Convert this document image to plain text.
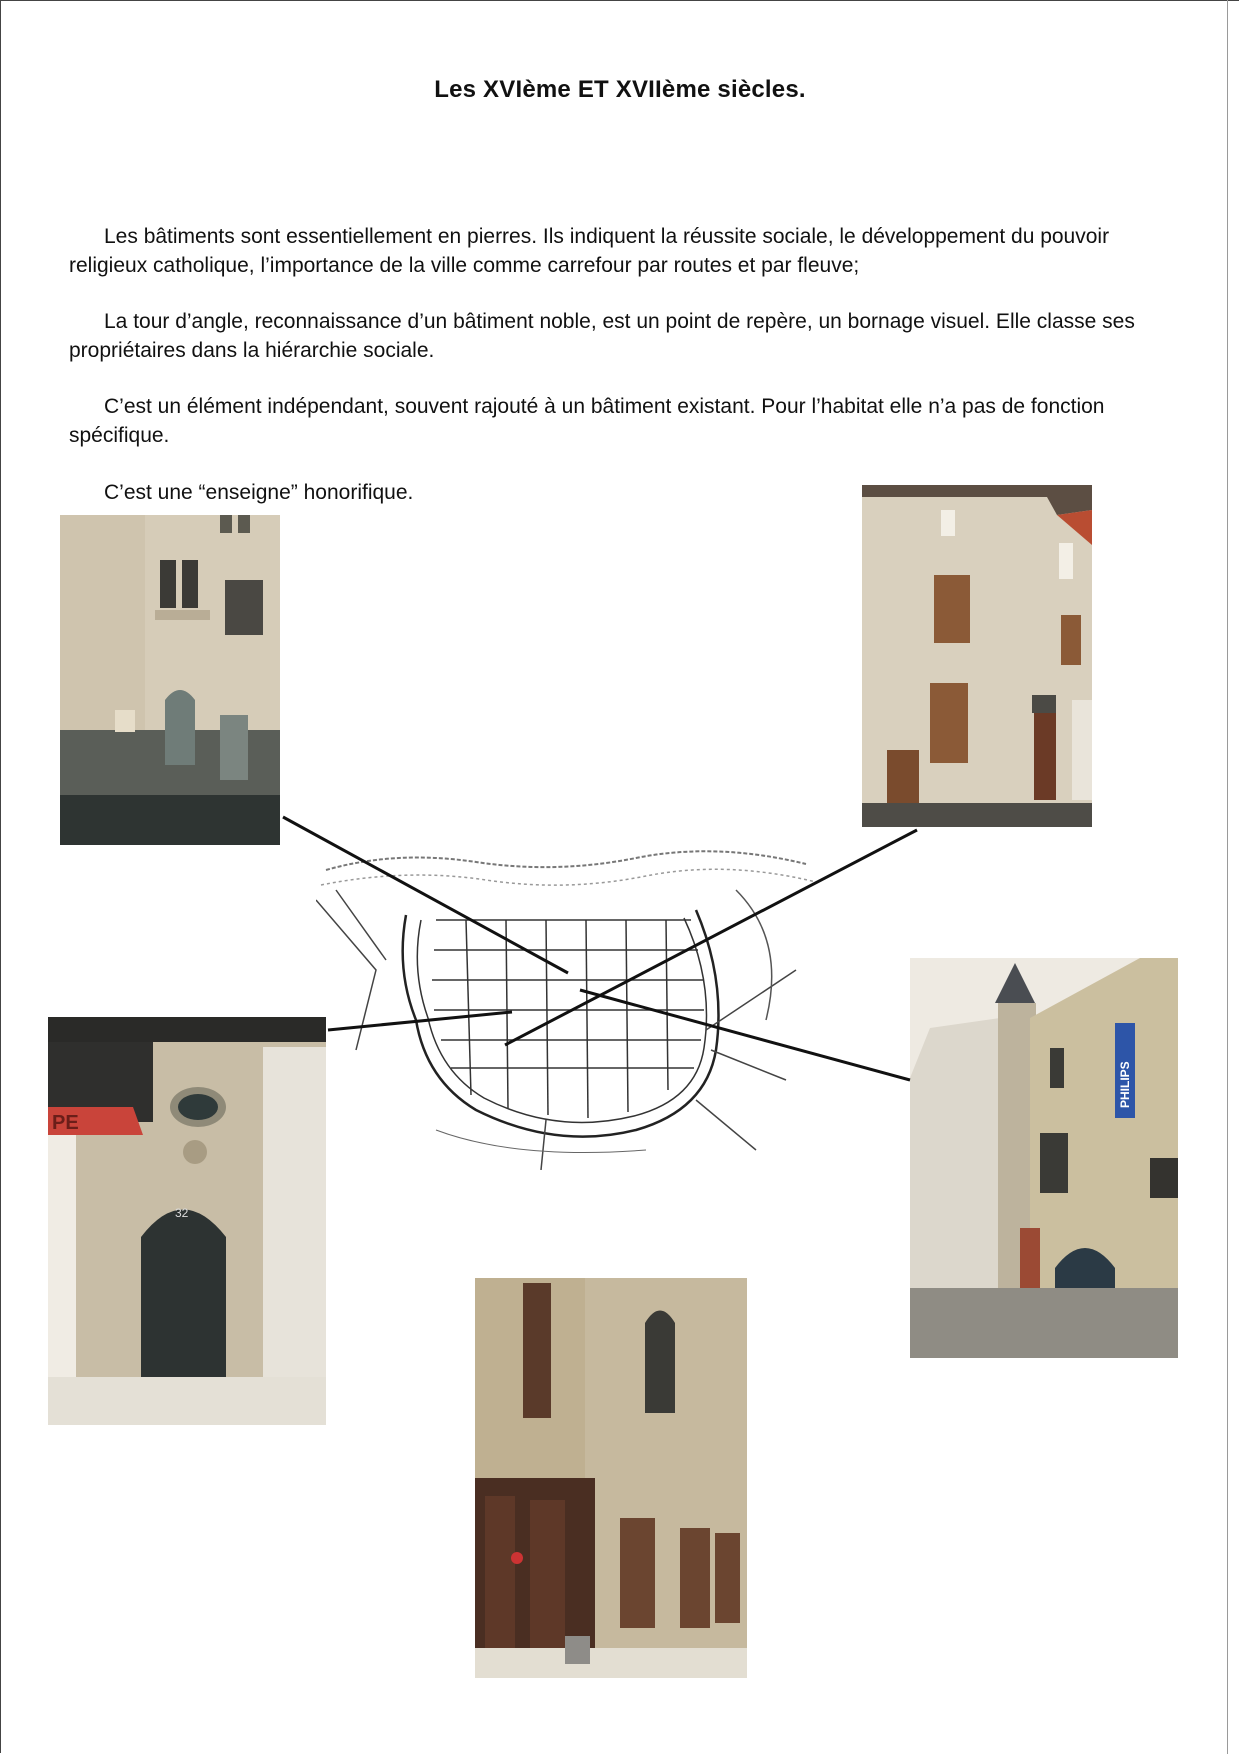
Les XVIème ET XVIIème siècles.

Les bâtiments sont essentiellement en pierres. Ils indiquent la réussite sociale, le développement du pouvoir religieux catholique, l’importance de la ville comme carrefour par routes et par fleuve;

La tour d’angle, reconnaissance d’un bâtiment noble, est un point de repère, un bornage visuel. Elle classe ses propriétaires dans la hiérarchie sociale.

C’est un élément indépendant, souvent rajouté à un bâtiment existant. Pour l’habitat elle n’a pas de fonction spécifique.

C’est une “enseigne” honorifique.

PE
32
PHILIPS
